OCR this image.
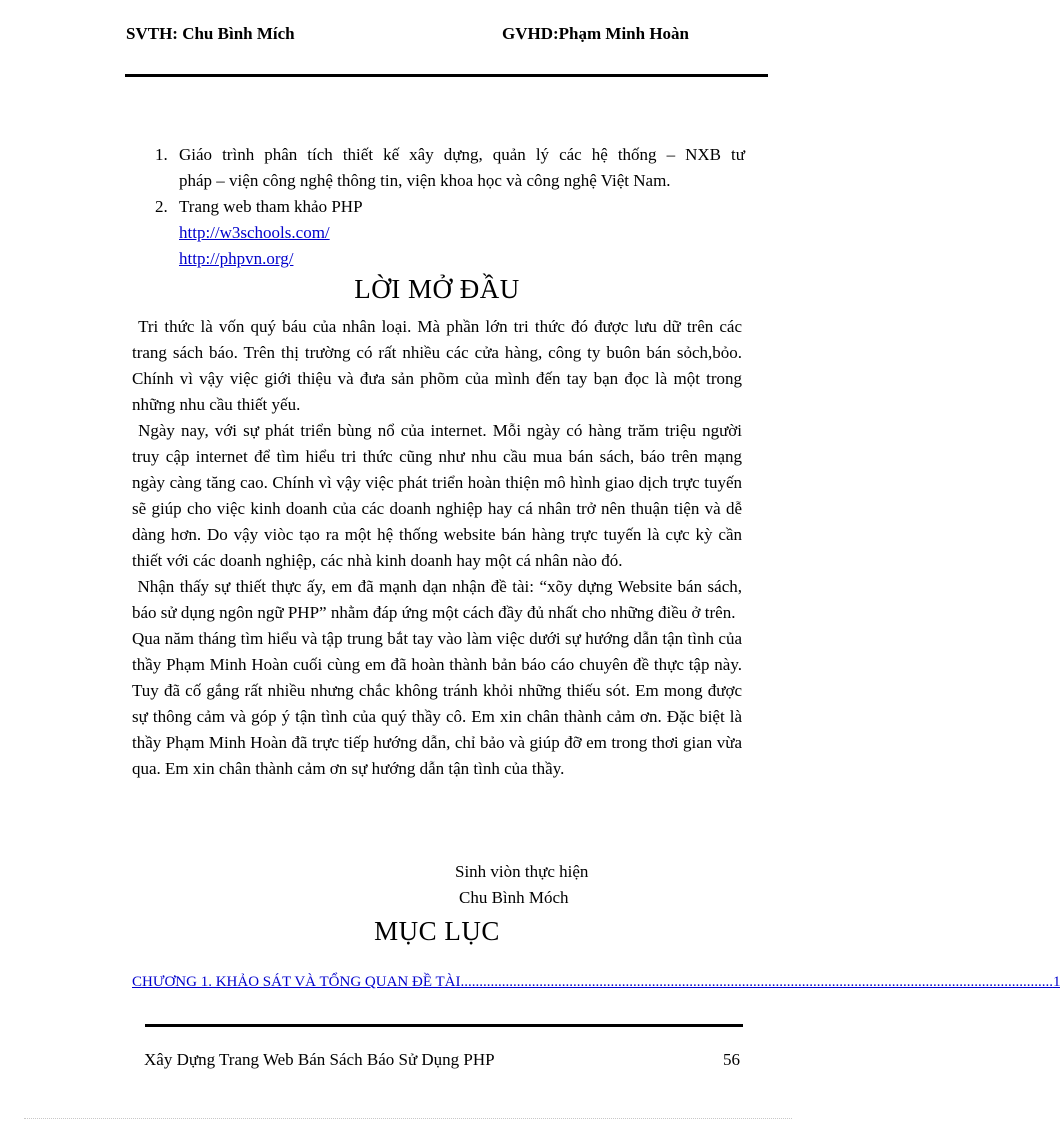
SVTH: Chu Bình Mích	GVHD:Phạm Minh Hoàn
1. Giáo trình phân tích thiết kế xây dựng, quản lý các hệ thống – NXB tư
pháp – viện công nghệ thông tin, viện khoa học và công nghệ Việt Nam.
2. Trang web tham khảo PHP
http://w3schools.com/
http://phpvn.org/
LỜI MỞ ĐẦU

Tri thức là vốn quý báu của nhân loại. Mà phần lớn tri thức đó được lưu dữ trên các trang sách báo. Trên thị trường có rất nhiều các cửa hàng, công ty buôn bán sỏch,bỏo. Chính vì vậy việc giới thiệu và đưa sản phõm của mình đến tay bạn đọc là một trong những nhu cầu thiết yếu.

Ngày nay, với sự phát triển bùng nổ của internet. Mỗi ngày có hàng trăm triệu người truy cập internet để tìm hiểu tri thức cũng như nhu cầu mua bán sách, báo trên mạng ngày càng tăng cao. Chính vì vậy việc phát triển hoàn thiện mô hình giao dịch trực tuyến sẽ giúp cho việc kinh doanh của các doanh nghiệp hay cá nhân trở nên thuận tiện và dễ dàng hơn. Do vậy viòc tạo ra một hệ thống website bán hàng trực tuyến là cực kỳ cần thiết với các doanh nghiệp, các nhà kinh doanh hay một cá nhân nào đó.

Nhận thấy sự thiết thực ấy, em đã mạnh dạn nhận đề tài: “xõy dựng Website bán sách, báo sử dụng ngôn ngữ PHP” nhằm đáp ứng một cách đầy đủ nhất cho những điều ở trên.

Qua năm tháng tìm hiểu và tập trung bắt tay vào làm việc dưới sự hướng dẫn tận tình của thầy Phạm Minh Hoàn cuối cùng em đã hoàn thành bản báo cáo chuyên đề thực tập này. Tuy đã cố gắng rất nhiều nhưng chắc không tránh khỏi những thiếu sót. Em mong được sự thông cảm và góp ý tận tình của quý thầy cô. Em xin chân thành cảm ơn. Đặc biệt là thầy Phạm Minh Hoàn đã trực tiếp hướng dẫn, chỉ bảo và giúp đỡ em trong thơi gian vừa qua. Em xin chân thành cảm ơn sự hướng dẫn tận tình của thầy.

Sinh viòn thực hiện
Chu Bình Móch
MỤC LỤC
CHƯƠNG 1. KHẢO SÁT VÀ TỔNG QUAN ĐỀ TÀI .............................................................................................................................................................. 1
Xây Dựng Trang Web Bán Sách Báo Sử Dụng PHP	56
